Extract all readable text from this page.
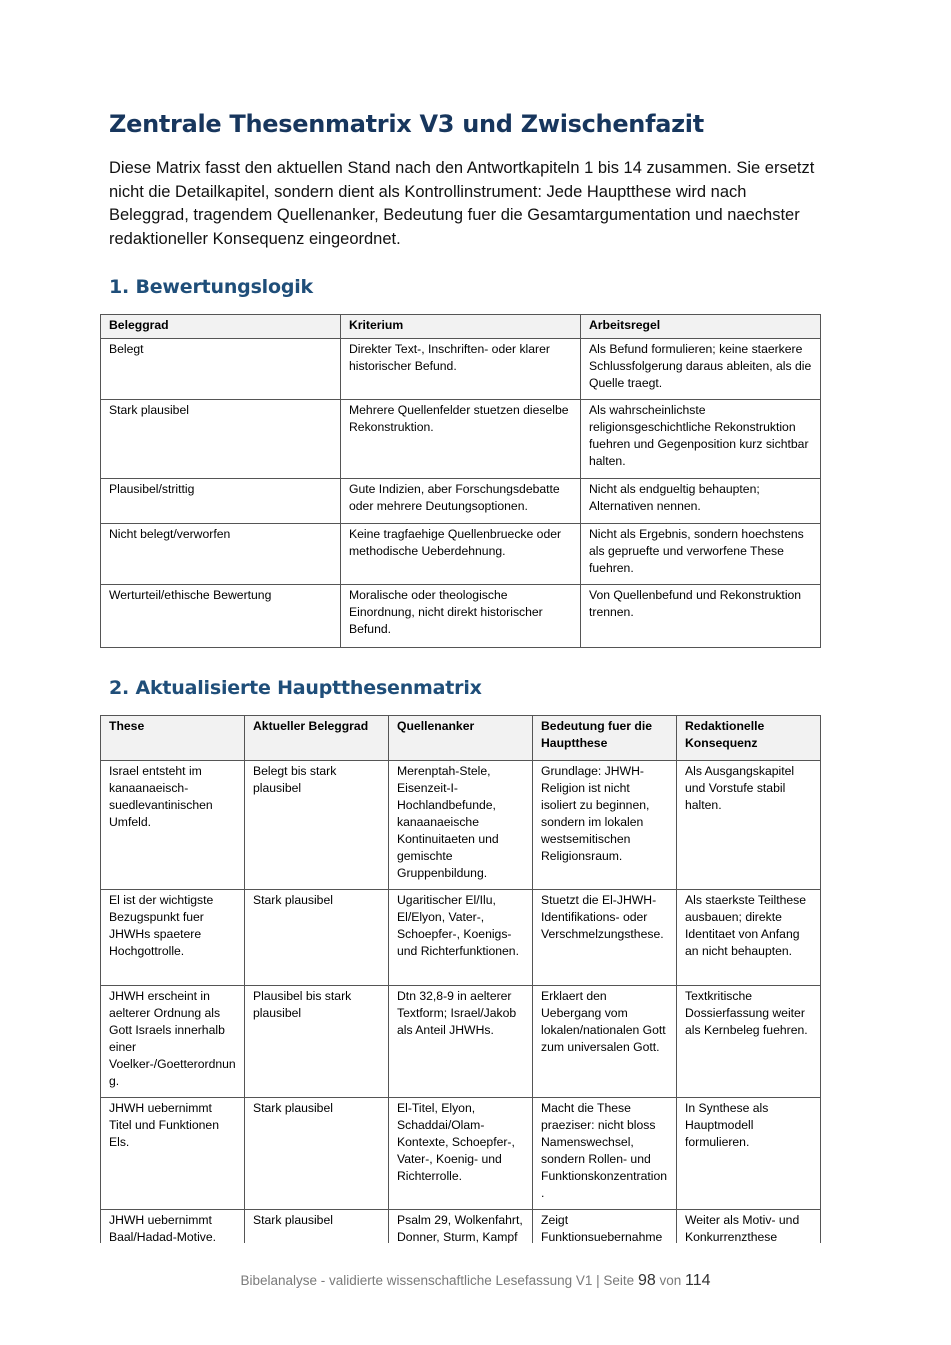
Zentrale Thesenmatrix V3 und Zwischenfazit

Diese Matrix fasst den aktuellen Stand nach den Antwortkapiteln 1 bis 14 zusammen. Sie ersetzt nicht die Detailkapitel, sondern dient als Kontrollinstrument: Jede Hauptthese wird nach Beleggrad, tragendem Quellenanker, Bedeutung fuer die Gesamtargumentation und naechster redaktioneller Konsequenz eingeordnet.

1. Bewertungslogik
Beleggrad	Kriterium	Arbeitsregel
Belegt	Direkter Text-, Inschriften- oder klarer historischer Befund.	Als Befund formulieren; keine staerkere Schlussfolgerung daraus ableiten, als die Quelle traegt.
Stark plausibel	Mehrere Quellenfelder stuetzen dieselbe Rekonstruktion.	Als wahrscheinlichste religionsgeschichtliche Rekonstruktion fuehren und Gegenposition kurz sichtbar halten.
Plausibel/strittig	Gute Indizien, aber Forschungsdebatte oder mehrere Deutungsoptionen.	Nicht als endgueltig behaupten; Alternativen nennen.
Nicht belegt/verworfen	Keine tragfaehige Quellenbruecke oder methodische Ueberdehnung.	Nicht als Ergebnis, sondern hoechstens als gepruefte und verworfene These fuehren.
Werturteil/ethische Bewertung	Moralische oder theologische Einordnung, nicht direkt historischer Befund.	Von Quellenbefund und Rekonstruktion trennen.
2. Aktualisierte Hauptthesenmatrix
These	Aktueller Beleggrad	Quellenanker	Bedeutung fuer die Hauptthese	Redaktionelle Konsequenz
Israel entsteht im kanaanaeisch-suedlevantinischen Umfeld.	Belegt bis stark plausibel	Merenptah-Stele, Eisenzeit-I-Hochlandbefunde, kanaanaeische Kontinuitaeten und gemischte Gruppenbildung.	Grundlage: JHWH-Religion ist nicht isoliert zu beginnen, sondern im lokalen westsemitischen Religionsraum.	Als Ausgangskapitel und Vorstufe stabil halten.
El ist der wichtigste Bezugspunkt fuer JHWHs spaetere Hochgottrolle.	Stark plausibel	Ugaritischer El/Ilu, El/Elyon, Vater-, Schoepfer-, Koenigs- und Richterfunktionen.	Stuetzt die El-JHWH-Identifikations- oder Verschmelzungsthese.	Als staerkste Teilthese ausbauen; direkte Identitaet von Anfang an nicht behaupten.
JHWH erscheint in aelterer Ordnung als Gott Israels innerhalb einer Voelker-/Goetterordnung.	Plausibel bis stark plausibel	Dtn 32,8-9 in aelterer Textform; Israel/Jakob als Anteil JHWHs.	Erklaert den Uebergang vom lokalen/nationalen Gott zum universalen Gott.	Textkritische Dossierfassung weiter als Kernbeleg fuehren.
JHWH uebernimmt Titel und Funktionen Els.	Stark plausibel	El-Titel, Elyon, Schaddai/Olam-Kontexte, Schoepfer-, Vater-, Koenig- und Richterrolle.	Macht die These praeziser: nicht bloss Namenswechsel, sondern Rollen- und Funktionskonzentration.	In Synthese als Hauptmodell formulieren.
JHWH uebernimmt Baal/Hadad-Motive.	Stark plausibel	Psalm 29, Wolkenfahrt, Donner, Sturm, Kampf	Zeigt Funktionsuebernahme	Weiter als Motiv- und Konkurrenzthese
Bibelanalyse - validierte wissenschaftliche Lesefassung V1 | Seite 98 von 114
